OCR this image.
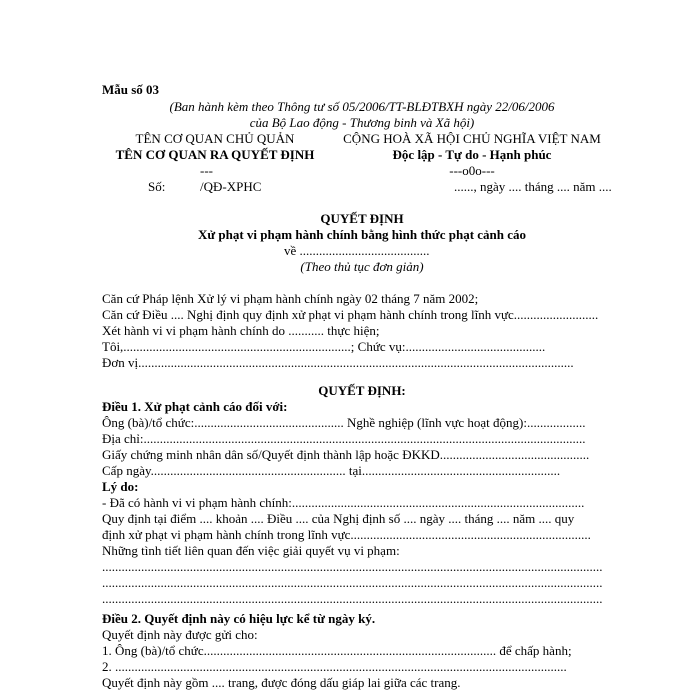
Mẫu số 03
(Ban hành kèm theo Thông tư số 05/2006/TT-BLĐTBXH ngày 22/06/2006
của Bộ Lao động - Thương binh và Xã hội)
TÊN CƠ QUAN CHỦ QUẢN
TÊN CƠ QUAN RA QUYẾT ĐỊNH
---
Số:	/QĐ-XPHC
CỘNG HOÀ XÃ HỘI CHỦ NGHĨA VIỆT NAM
Độc lập - Tự do - Hạnh phúc
---o0o---
......, ngày .... tháng .... năm ....
QUYẾT ĐỊNH
Xử phạt vi phạm hành chính bằng hình thức phạt cảnh cáo
về ........................................
(Theo thủ tục đơn giản)
Căn cứ Pháp lệnh Xử lý vi phạm hành chính ngày 02 tháng 7 năm 2002;
Căn cứ Điều .... Nghị định quy định xử phạt vi phạm hành chính trong lĩnh vực..........................
Xét hành vi vi phạm hành chính do ........... thực hiện;
Tôi,......................................................................; Chức vụ:...........................................
Đơn vị......................................................................................................................................
QUYẾT ĐỊNH:
Điều 1. Xử phạt cảnh cáo đối với:
Ông (bà)/tổ chức:.............................................. Nghề nghiệp (lĩnh vực hoạt động):..................
Địa chỉ:........................................................................................................................................
Giấy chứng minh nhân dân số/Quyết định thành lập hoặc ĐKKD..............................................
Cấp ngày............................................................ tại.............................................................
Lý do:
- Đã có hành vi vi phạm hành chính:..........................................................................................
Quy định tại điểm .... khoản .... Điều .... của Nghị định số .... ngày .... tháng .... năm .... quy
định xử phạt vi phạm hành chính trong lĩnh vực..........................................................................
Những tình tiết liên quan đến việc giải quyết vụ vi phạm:
..........................................................................................................................................................
..........................................................................................................................................................
..........................................................................................................................................................
Điều 2. Quyết định này có hiệu lực kể từ ngày ký.
Quyết định này được gửi cho:
1. Ông (bà)/tổ chức.......................................................................................... để chấp hành;
2. ...........................................................................................................................................
Quyết định này gồm .... trang, được đóng dấu giáp lai giữa các trang.
